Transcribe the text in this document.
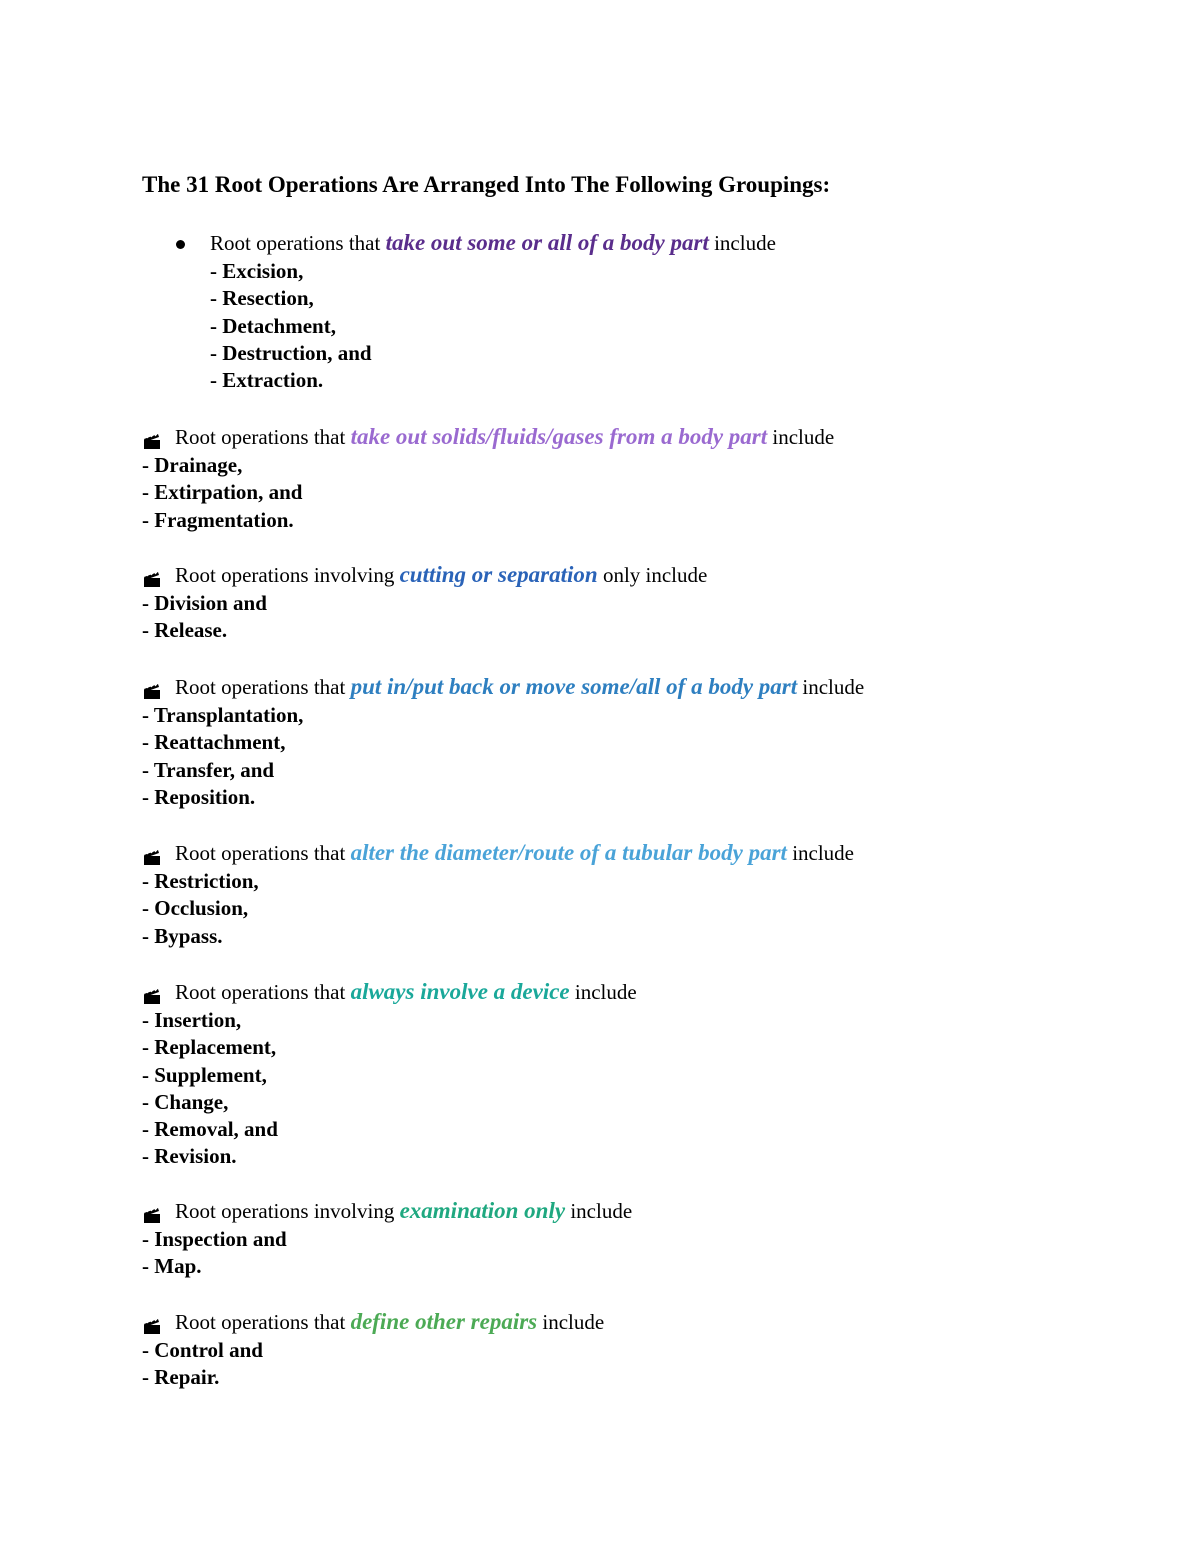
The 31 Root Operations Are Arranged Into The Following Groupings:
Root operations that take out some or all of a body part include
- Excision,
- Resection,
- Detachment,
- Destruction, and
- Extraction.
Root operations that take out solids/fluids/gases from a body part include
- Drainage,
- Extirpation, and
- Fragmentation.
Root operations involving cutting or separation only include
- Division and
- Release.
Root operations that put in/put back or move some/all of a body part include
- Transplantation,
- Reattachment,
- Transfer, and
- Reposition.
Root operations that alter the diameter/route of a tubular body part include
- Restriction,
- Occlusion,
- Bypass.
Root operations that always involve a device include
- Insertion,
- Replacement,
- Supplement,
- Change,
- Removal, and
- Revision.
Root operations involving examination only include
- Inspection and
- Map.
Root operations that define other repairs include
- Control and
- Repair.
